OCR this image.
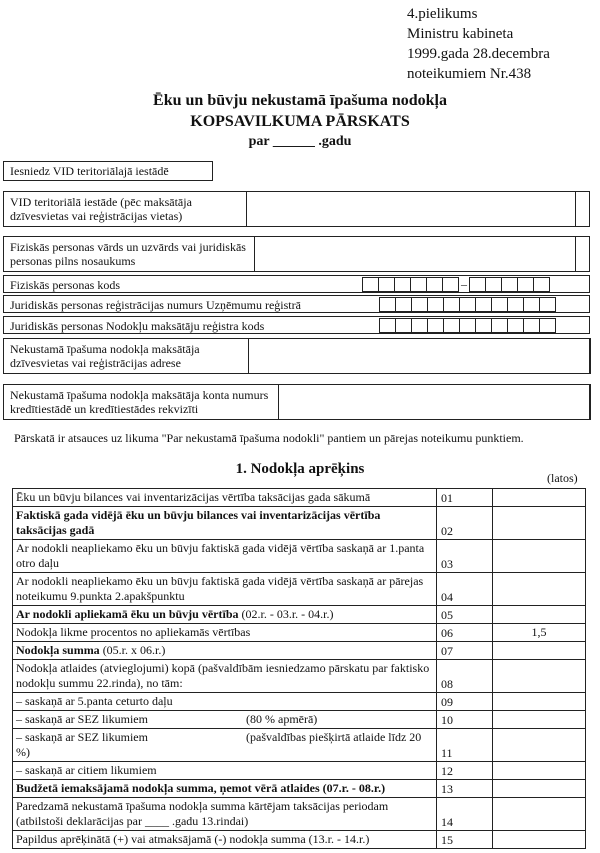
4.pielikums
Ministru kabineta
1999.gada 28.decembra
noteikumiem Nr.438
Ēku un būvju nekustamā īpašuma nodokļa
KOPSAVILKUMA PĀRSKATS
par ______ .gadu
Iesniedz VID teritoriālajā iestādē
VID teritoriālā iestāde (pēc maksātāja dzīvesvietas vai reģistrācijas vietas)
Fiziskās personas vārds un uzvārds vai juridiskās personas pilns nosaukums
Fiziskās personas kods	–
Juridiskās personas reģistrācijas numurs Uzņēmumu reģistrā
Juridiskās personas Nodokļu maksātāju reģistra kods
Nekustamā īpašuma nodokļa maksātāja dzīvesvietas vai reģistrācijas adrese
Nekustamā īpašuma nodokļa maksātāja konta numurs kredītiestādē un kredītiestādes rekvizīti
Pārskatā ir atsauces uz likuma "Par nekustamā īpašuma nodokli" pantiem un pārejas noteikumu punktiem.
1. Nodokļa aprēķins
(latos)
Ēku un būvju bilances vai inventarizācijas vērtība taksācijas gada sākumā	01	
Faktiskā gada vidējā ēku un būvju bilances vai inventarizācijas vērtība taksācijas gadā	02	
Ar nodokli neapliekamo ēku un būvju faktiskā gada vidējā vērtība saskaņā ar 1.panta otro daļu	03	
Ar nodokli neapliekamo ēku un būvju faktiskā gada vidējā vērtība saskaņā ar pārejas noteikumu 9.punkta 2.apakšpunktu	04	
Ar nodokli apliekamā ēku un būvju vērtība (02.r. - 03.r. - 04.r.)	05	
Nodokļa likme procentos no apliekamās vērtības	06	1,5
Nodokļa summa (05.r. x 06.r.)	07	
Nodokļa atlaides (atvieglojumi) kopā (pašvaldībām iesniedzamo pārskatu par faktisko nodokļu summu 22.rinda), no tām:	08	
– saskaņā ar 5.panta ceturto daļu	09	
– saskaņā ar SEZ likumiem (80 % apmērā)	10	
– saskaņā ar SEZ likumiem (pašvaldības piešķirtā atlaide līdz 20 %)	11	
– saskaņā ar citiem likumiem	12	
Budžetā iemaksājamā nodokļa summa, ņemot vērā atlaides (07.r. - 08.r.)	13	
Paredzamā nekustamā īpašuma nodokļa summa kārtējam taksācijas periodam (atbilstoši deklarācijas par ____ .gadu 13.rindai)	14	
Papildus aprēķinātā (+) vai atmaksājamā (-) nodokļa summa (13.r. - 14.r.)	15	
